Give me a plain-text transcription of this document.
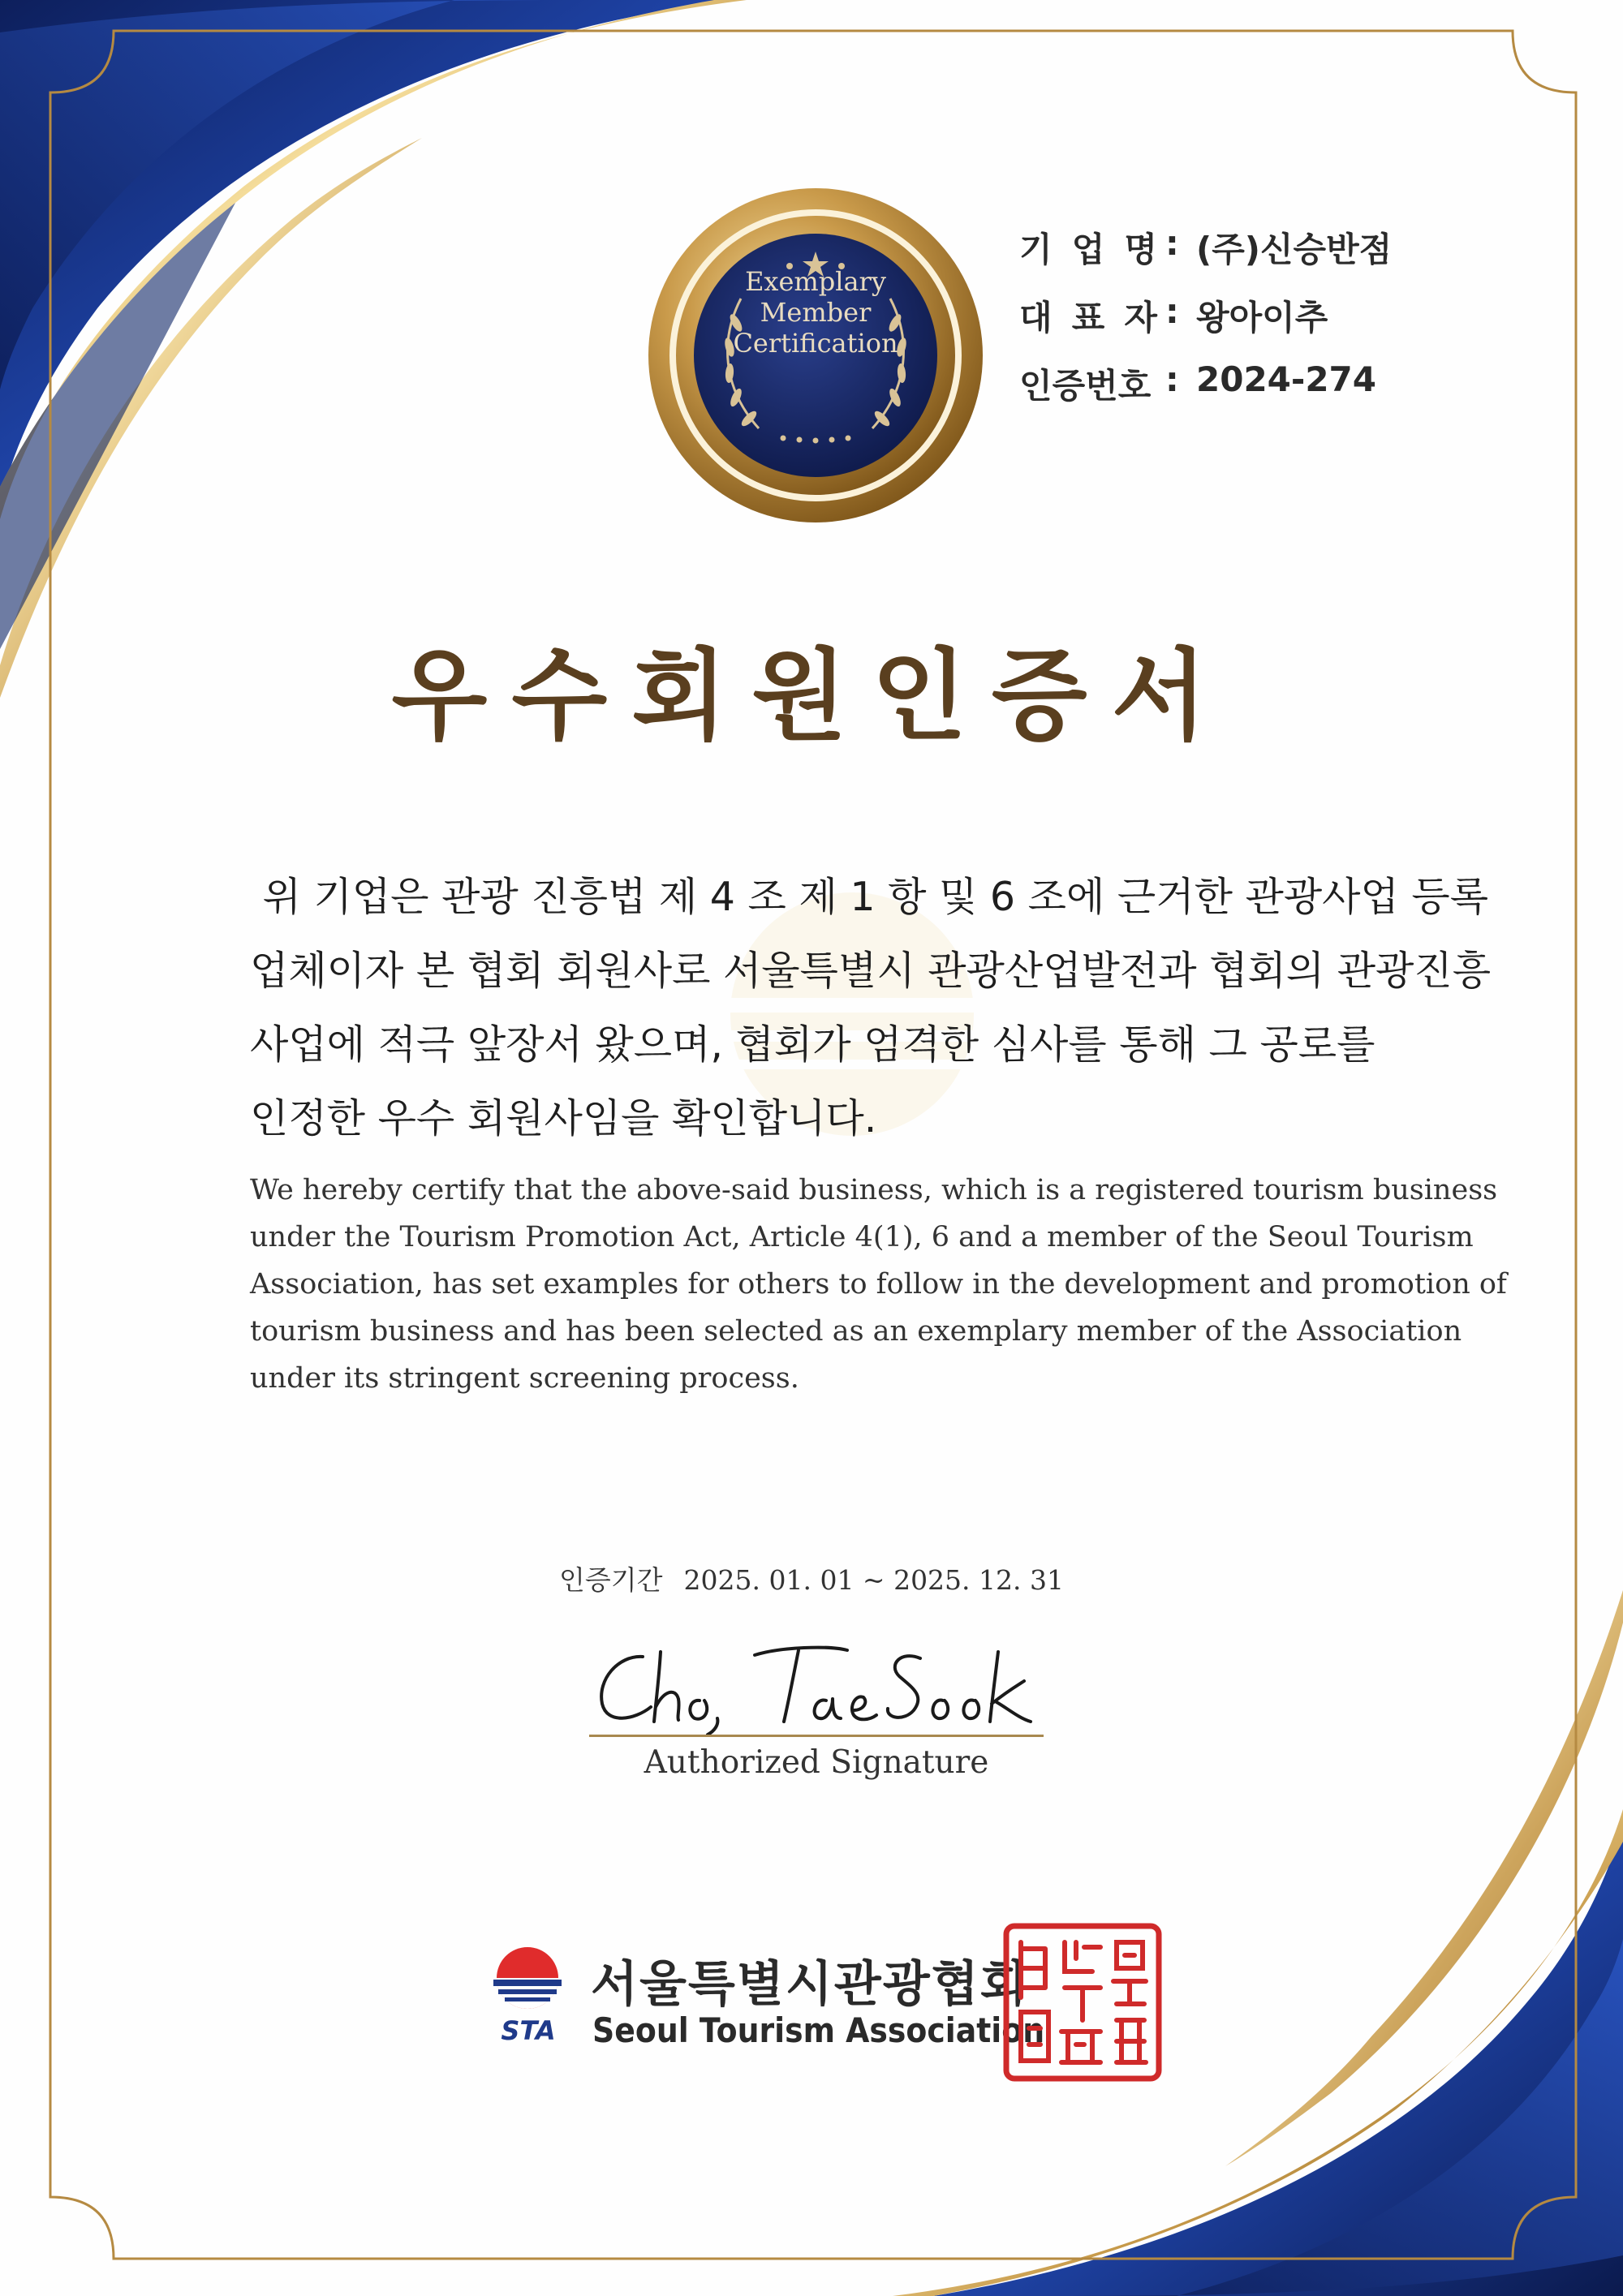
Exemplary
Member
Certification
기 업 명 : (주)신승반점
대 표 자 : 왕아이추
인증번호 : 2024-274
우수회원인증서
위 기업은 관광 진흥법 제 4 조 제 1 항 및 6 조에 근거한 관광사업 등록
업체이자 본 협회 회원사로 서울특별시 관광산업발전과 협회의 관광진흥
사업에 적극 앞장서 왔으며, 협회가 엄격한 심사를 통해 그 공로를
인정한 우수 회원사임을 확인합니다.
We hereby certify that the above-said business, which is a registered tourism business
under the Tourism Promotion Act, Article 4(1), 6 and a member of the Seoul Tourism
Association, has set examples for others to follow in the development and promotion of
tourism business and has been selected as an exemplary member of the Association
under its stringent screening process.
인증기간 2025. 01. 01 ~ 2025. 12. 31
Authorized Signature
STA
서울특별시관광협회
Seoul Tourism Association
